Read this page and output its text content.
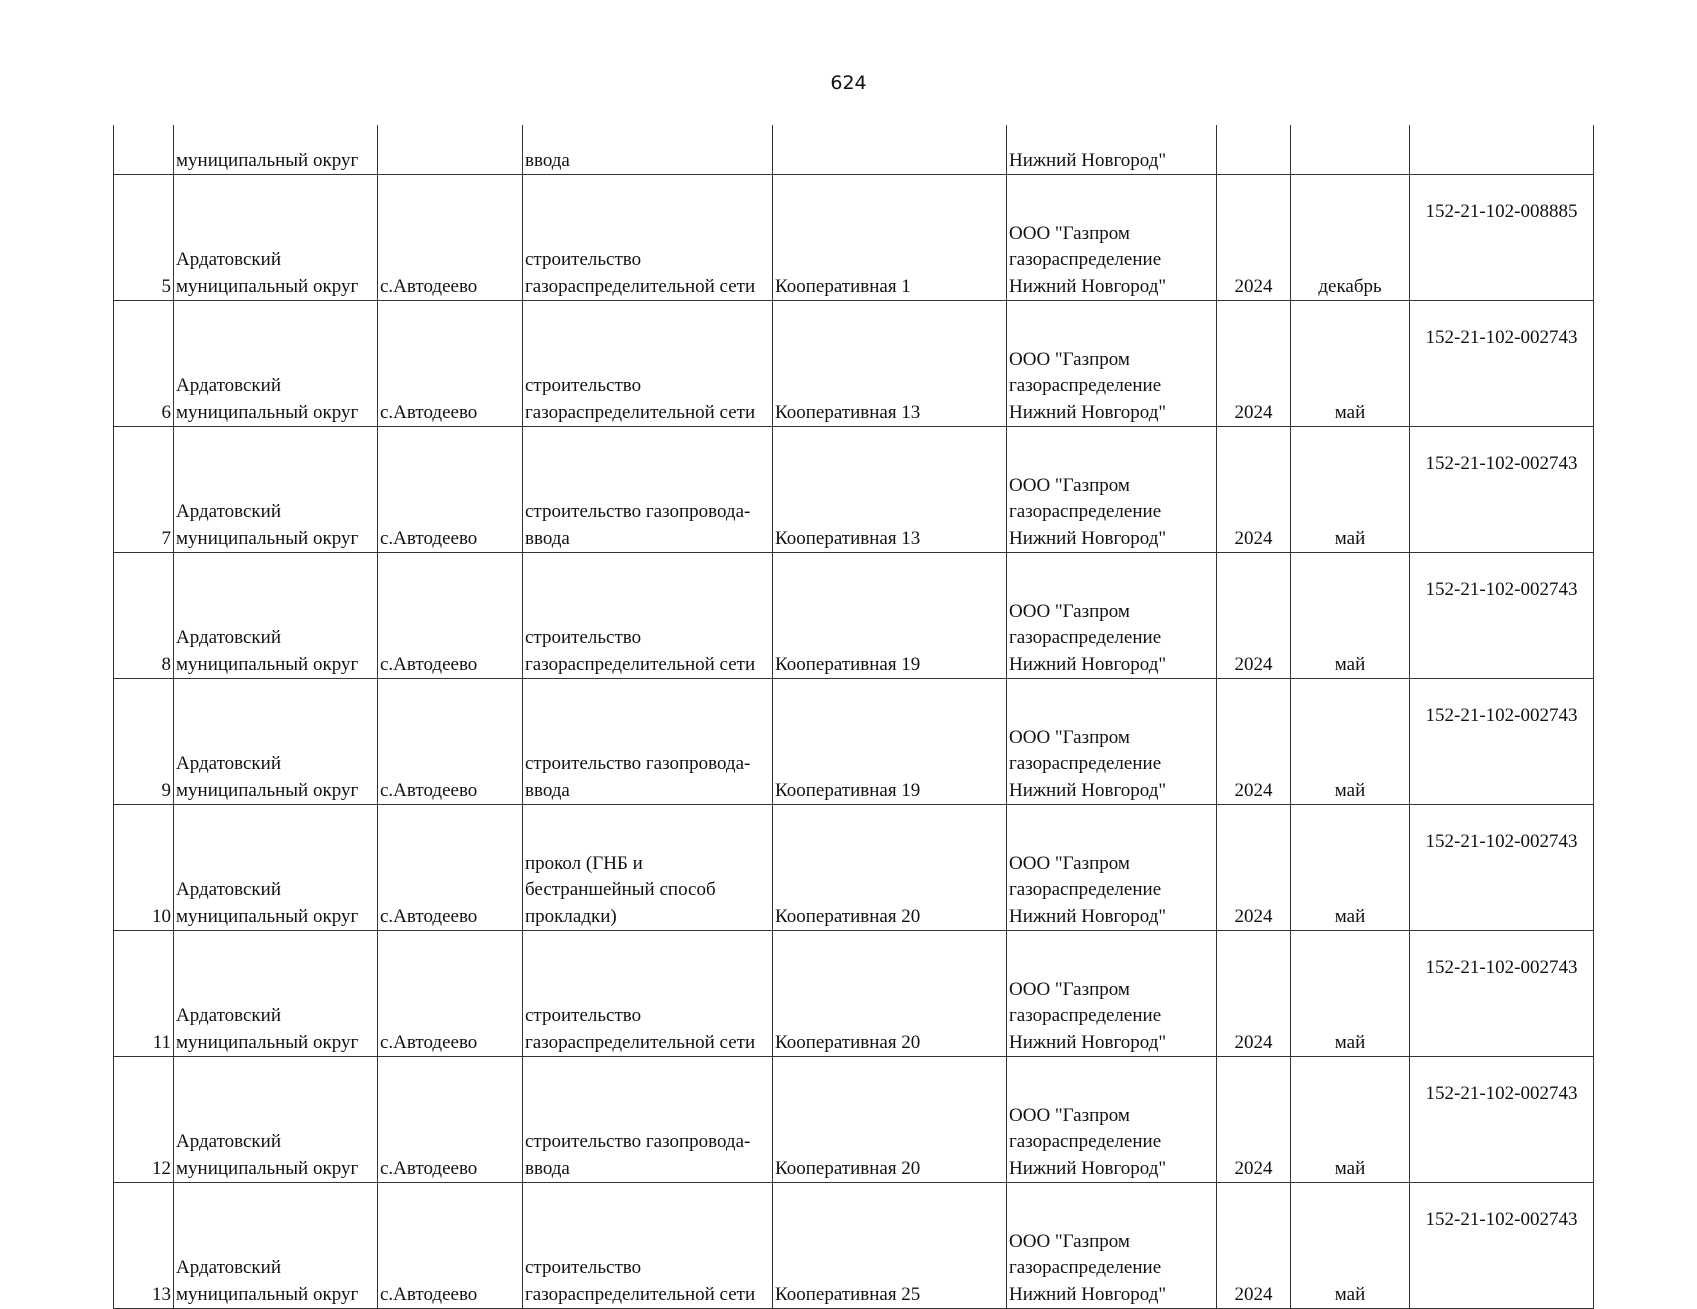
624
	муниципальный округ		ввода		Нижний Новгород"			
5	Ардатовский
муниципальный округ	с.Автодеево	строительство
газораспределительной сети	Кооперативная 1	ООО "Газпром
газораспределение
Нижний Новгород"	2024	декабрь	152-21-102-008885
6	Ардатовский
муниципальный округ	с.Автодеево	строительство
газораспределительной сети	Кооперативная 13	ООО "Газпром
газораспределение
Нижний Новгород"	2024	май	152-21-102-002743
7	Ардатовский
муниципальный округ	с.Автодеево	строительство газопровода-
ввода	Кооперативная 13	ООО "Газпром
газораспределение
Нижний Новгород"	2024	май	152-21-102-002743
8	Ардатовский
муниципальный округ	с.Автодеево	строительство
газораспределительной сети	Кооперативная 19	ООО "Газпром
газораспределение
Нижний Новгород"	2024	май	152-21-102-002743
9	Ардатовский
муниципальный округ	с.Автодеево	строительство газопровода-
ввода	Кооперативная 19	ООО "Газпром
газораспределение
Нижний Новгород"	2024	май	152-21-102-002743
10	Ардатовский
муниципальный округ	с.Автодеево	прокол (ГНБ и
бестраншейный способ
прокладки)	Кооперативная 20	ООО "Газпром
газораспределение
Нижний Новгород"	2024	май	152-21-102-002743
11	Ардатовский
муниципальный округ	с.Автодеево	строительство
газораспределительной сети	Кооперативная 20	ООО "Газпром
газораспределение
Нижний Новгород"	2024	май	152-21-102-002743
12	Ардатовский
муниципальный округ	с.Автодеево	строительство газопровода-
ввода	Кооперативная 20	ООО "Газпром
газораспределение
Нижний Новгород"	2024	май	152-21-102-002743
13	Ардатовский
муниципальный округ	с.Автодеево	строительство
газораспределительной сети	Кооперативная 25	ООО "Газпром
газораспределение
Нижний Новгород"	2024	май	152-21-102-002743
